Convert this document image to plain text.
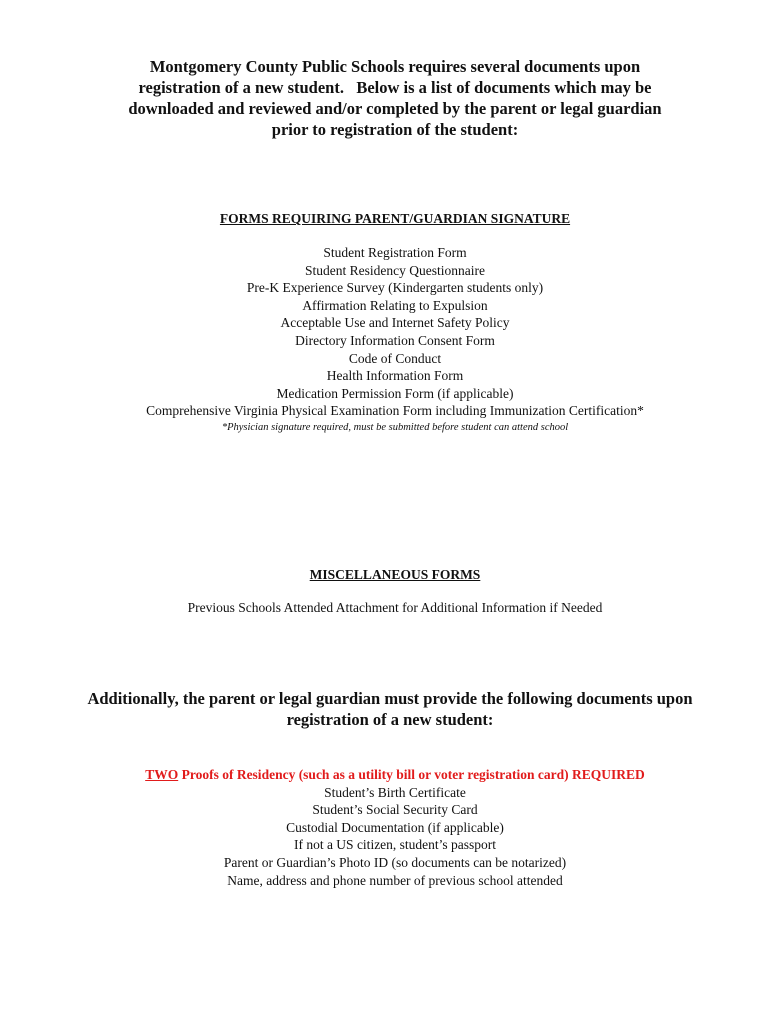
Montgomery County Public Schools requires several documents upon
registration of a new student.   Below is a list of documents which may be
downloaded and reviewed and/or completed by the parent or legal guardian
prior to registration of the student:
FORMS REQUIRING PARENT/GUARDIAN SIGNATURE
Student Registration Form
Student Residency Questionnaire
Pre-K Experience Survey (Kindergarten students only)
Affirmation Relating to Expulsion
Acceptable Use and Internet Safety Policy
Directory Information Consent Form
Code of Conduct
Health Information Form
Medication Permission Form (if applicable)
Comprehensive Virginia Physical Examination Form including Immunization Certification*
*Physician signature required, must be submitted before student can attend school
MISCELLANEOUS FORMS
Previous Schools Attended Attachment for Additional Information if Needed
Additionally, the parent or legal guardian must provide the following documents upon
registration of a new student:
TWO Proofs of Residency (such as a utility bill or voter registration card) REQUIRED
Student’s Birth Certificate
Student’s Social Security Card
Custodial Documentation (if applicable)
If not a US citizen, student’s passport
Parent or Guardian’s Photo ID (so documents can be notarized)
Name, address and phone number of previous school attended
